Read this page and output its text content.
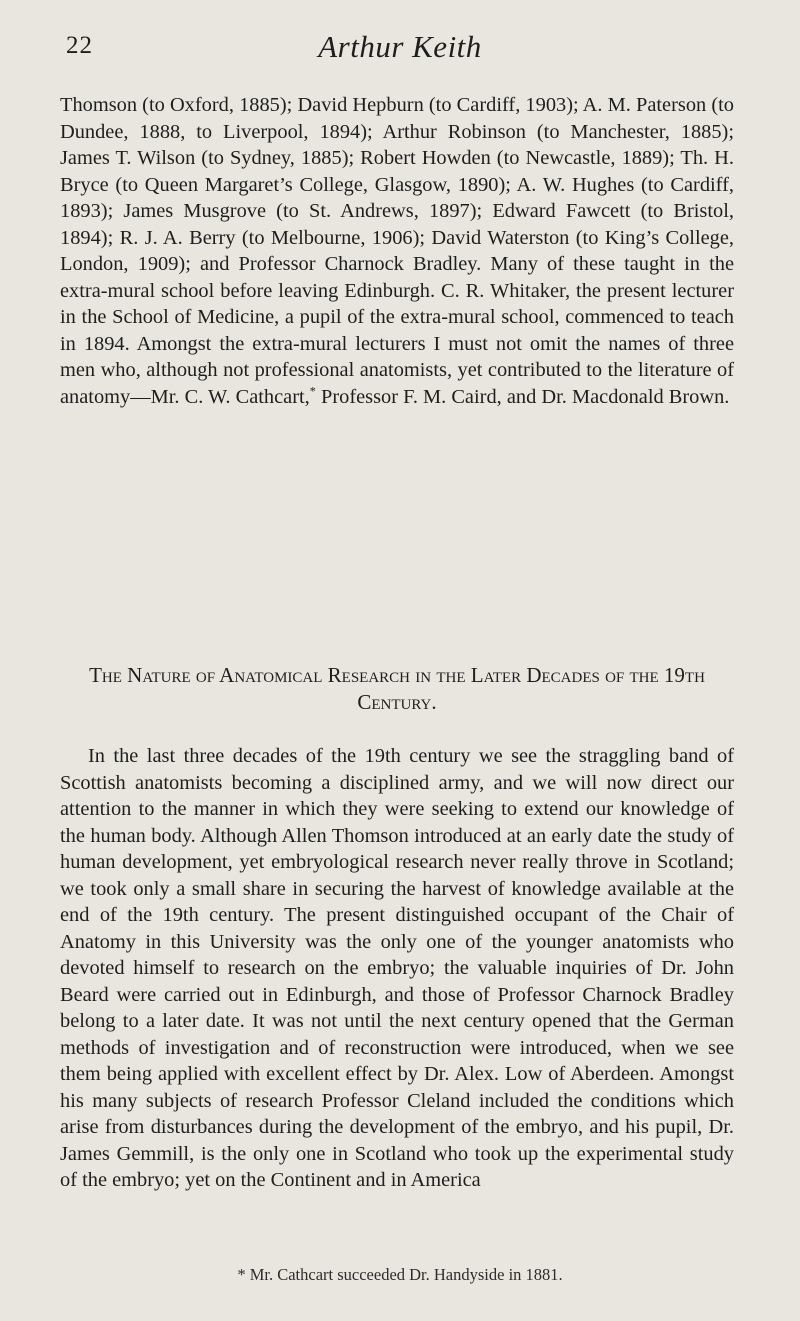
22	Arthur Keith

Thomson (to Oxford, 1885); David Hepburn (to Cardiff, 1903); A. M. Paterson (to Dundee, 1888, to Liverpool, 1894); Arthur Robinson (to Manchester, 1885); James T. Wilson (to Sydney, 1885); Robert Howden (to Newcastle, 1889); Th. H. Bryce (to Queen Margaret’s College, Glasgow, 1890); A. W. Hughes (to Cardiff, 1893); James Musgrove (to St. Andrews, 1897); Edward Fawcett (to Bristol, 1894); R. J. A. Berry (to Melbourne, 1906); David Waterston (to King’s College, London, 1909); and Professor Charnock Bradley. Many of these taught in the extra-mural school before leaving Edinburgh. C. R. Whitaker, the present lecturer in the School of Medicine, a pupil of the extra-mural school, commenced to teach in 1894. Amongst the extra-mural lecturers I must not omit the names of three men who, although not professional anatomists, yet contributed to the literature of anatomy—Mr. C. W. Cathcart,* Professor F. M. Caird, and Dr. Macdonald Brown.

The Nature of Anatomical Research in the Later Decades of the 19th Century.

In the last three decades of the 19th century we see the straggling band of Scottish anatomists becoming a disciplined army, and we will now direct our attention to the manner in which they were seeking to extend our knowledge of the human body. Although Allen Thomson introduced at an early date the study of human development, yet embryological research never really throve in Scotland; we took only a small share in securing the harvest of knowledge available at the end of the 19th century. The present distinguished occupant of the Chair of Anatomy in this University was the only one of the younger anatomists who devoted himself to research on the embryo; the valuable inquiries of Dr. John Beard were carried out in Edinburgh, and those of Professor Charnock Bradley belong to a later date. It was not until the next century opened that the German methods of investigation and of reconstruction were introduced, when we see them being applied with excellent effect by Dr. Alex. Low of Aberdeen. Amongst his many subjects of research Professor Cleland included the conditions which arise from disturbances during the development of the embryo, and his pupil, Dr. James Gemmill, is the only one in Scotland who took up the experimental study of the embryo; yet on the Continent and in America

* Mr. Cathcart succeeded Dr. Handyside in 1881.
